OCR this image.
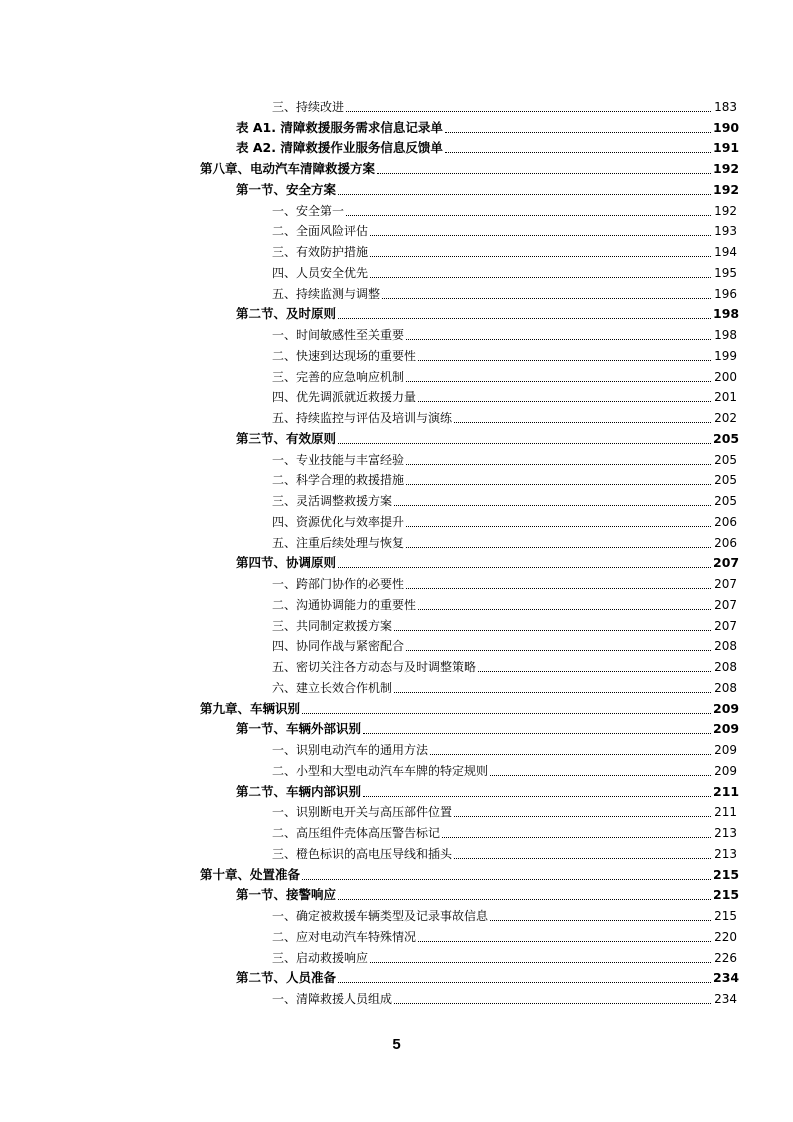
三、持续改进	183
表 A1. 清障救援服务需求信息记录单	190
表 A2. 清障救援作业服务信息反馈单	191
第八章、电动汽车清障救援方案	192
第一节、安全方案	192
一、安全第一	192
二、全面风险评估	193
三、有效防护措施	194
四、人员安全优先	195
五、持续监测与调整	196
第二节、及时原则	198
一、时间敏感性至关重要	198
二、快速到达现场的重要性	199
三、完善的应急响应机制	200
四、优先调派就近救援力量	201
五、持续监控与评估及培训与演练	202
第三节、有效原则	205
一、专业技能与丰富经验	205
二、科学合理的救援措施	205
三、灵活调整救援方案	205
四、资源优化与效率提升	206
五、注重后续处理与恢复	206
第四节、协调原则	207
一、跨部门协作的必要性	207
二、沟通协调能力的重要性	207
三、共同制定救援方案	207
四、协同作战与紧密配合	208
五、密切关注各方动态与及时调整策略	208
六、建立长效合作机制	208
第九章、车辆识别	209
第一节、车辆外部识别	209
一、识别电动汽车的通用方法	209
二、小型和大型电动汽车车牌的特定规则	209
第二节、车辆内部识别	211
一、识别断电开关与高压部件位置	211
二、高压组件壳体高压警告标记	213
三、橙色标识的高电压导线和插头	213
第十章、处置准备	215
第一节、接警响应	215
一、确定被救援车辆类型及记录事故信息	215
二、应对电动汽车特殊情况	220
三、启动救援响应	226
第二节、人员准备	234
一、清障救援人员组成	234
5
